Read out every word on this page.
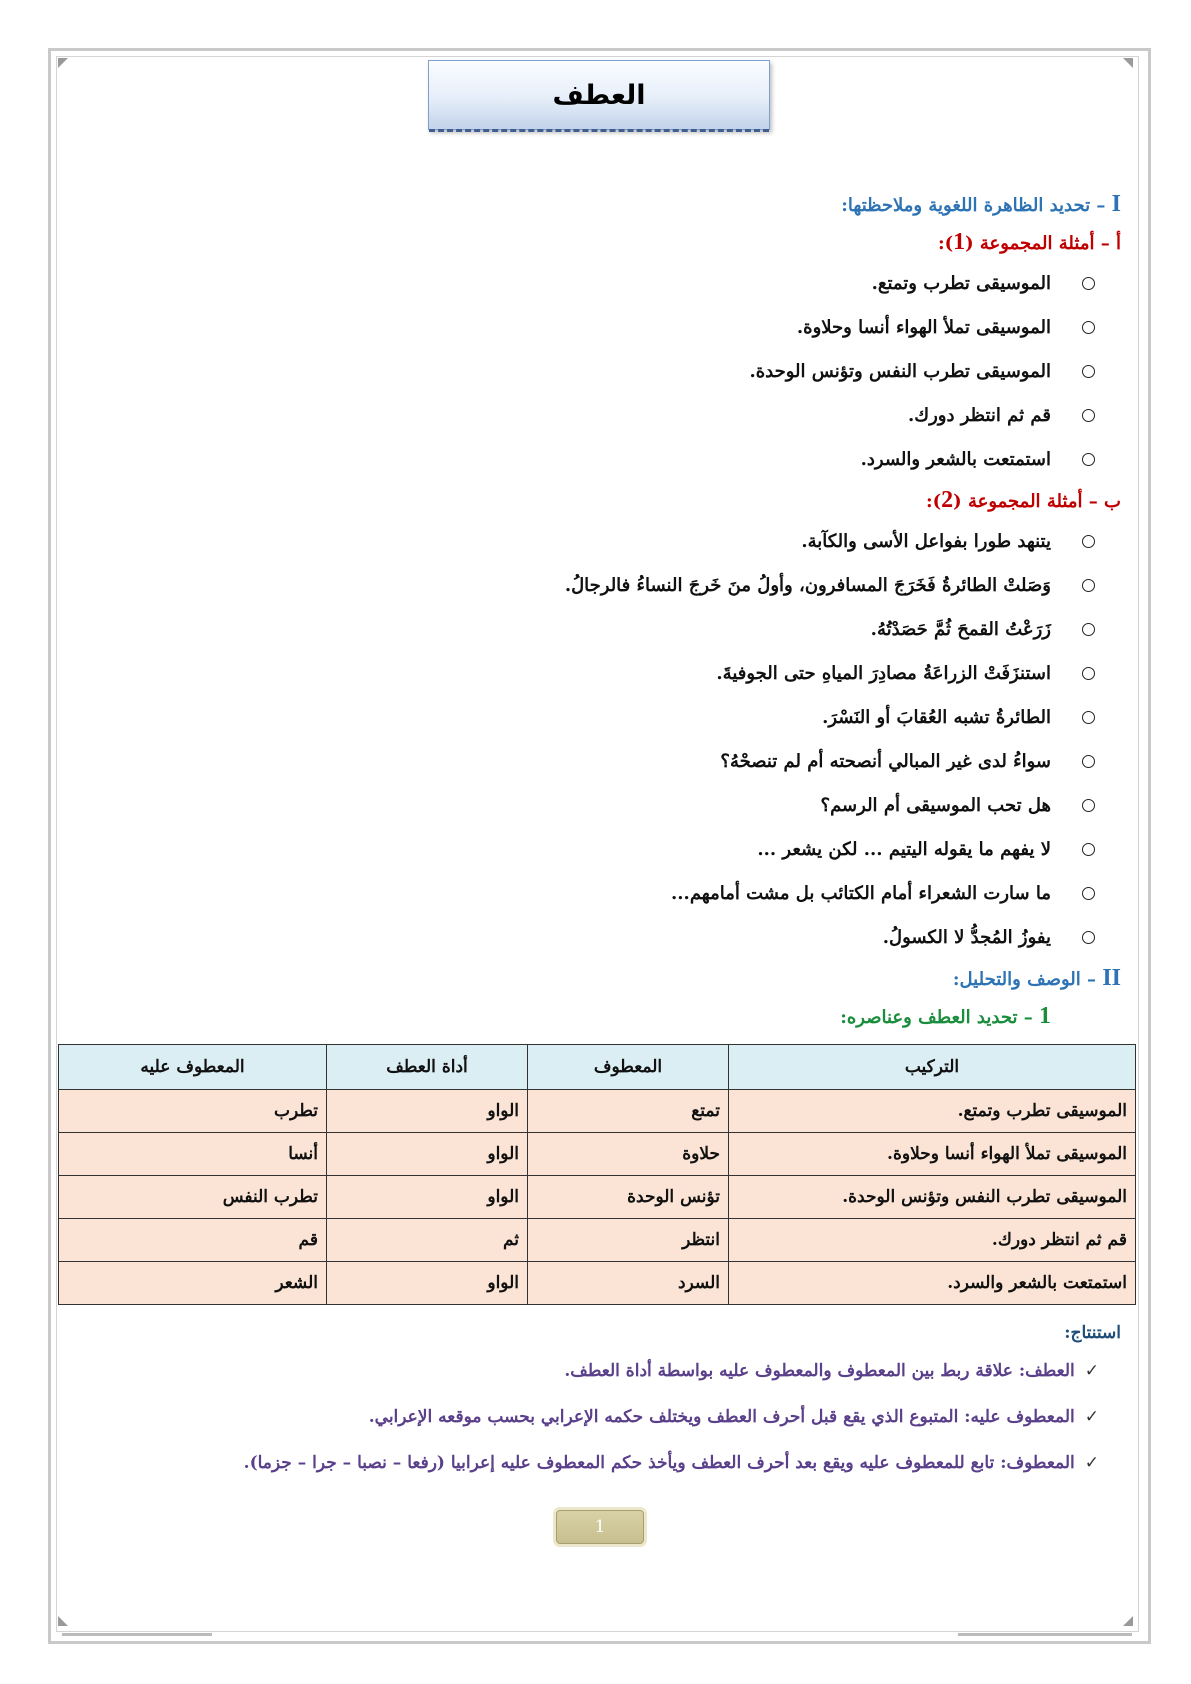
العطف

I – تحديد الظاهرة اللغوية وملاحظتها:

أ – أمثلة المجموعة (1):

الموسيقى تطرب وتمتع.
الموسيقى تملأ الهواء أنسا وحلاوة.
الموسيقى تطرب النفس وتؤنس الوحدة.
قم ثم انتظر دورك.
استمتعت بالشعر والسرد.

ب – أمثلة المجموعة (2):

يتنهد طورا بفواعل الأسى والكآبة.
وَصَلتْ الطائرةُ فَخَرَجَ المسافرون، وأولُ منَ خَرجَ النساءُ فالرجالُ.
زَرَعْتُ القمحَ ثُمَّ حَصَدْتُهُ.
استنزَفَتْ الزراعَةُ مصادِرَ المياهِ حتى الجوفيةَ.
الطائرةُ تشبه العُقابَ أو النَسْرَ.
سواءُ لدى غير المبالي أنصحته أم لم تنصحْهُ؟
هل تحب الموسيقى أم الرسم؟
لا يفهم ما يقوله اليتيم ... لكن يشعر ...
ما سارت الشعراء أمام الكتائب بل مشت أمامهم...
يفوزُ المُجدُّ لا الكسولُ.

II – الوصف والتحليل:

1 – تحديد العطف وعناصره:

التركيب	المعطوف	أداة العطف	المعطوف عليه
الموسيقى تطرب وتمتع.	تمتع	الواو	تطرب
الموسيقى تملأ الهواء أنسا وحلاوة.	حلاوة	الواو	أنسا
الموسيقى تطرب النفس وتؤنس الوحدة.	تؤنس الوحدة	الواو	تطرب النفس
قم ثم انتظر دورك.	انتظر	ثم	قم
استمتعت بالشعر والسرد.	السرد	الواو	الشعر
استنتاج:
✓العطف: علاقة ربط بين المعطوف والمعطوف عليه بواسطة أداة العطف.
✓المعطوف عليه: المتبوع الذي يقع قبل أحرف العطف ويختلف حكمه الإعرابي بحسب موقعه الإعرابي.
✓المعطوف: تابع للمعطوف عليه ويقع بعد أحرف العطف ويأخذ حكم المعطوف عليه إعرابيا (رفعا – نصبا – جرا – جزما).
1
